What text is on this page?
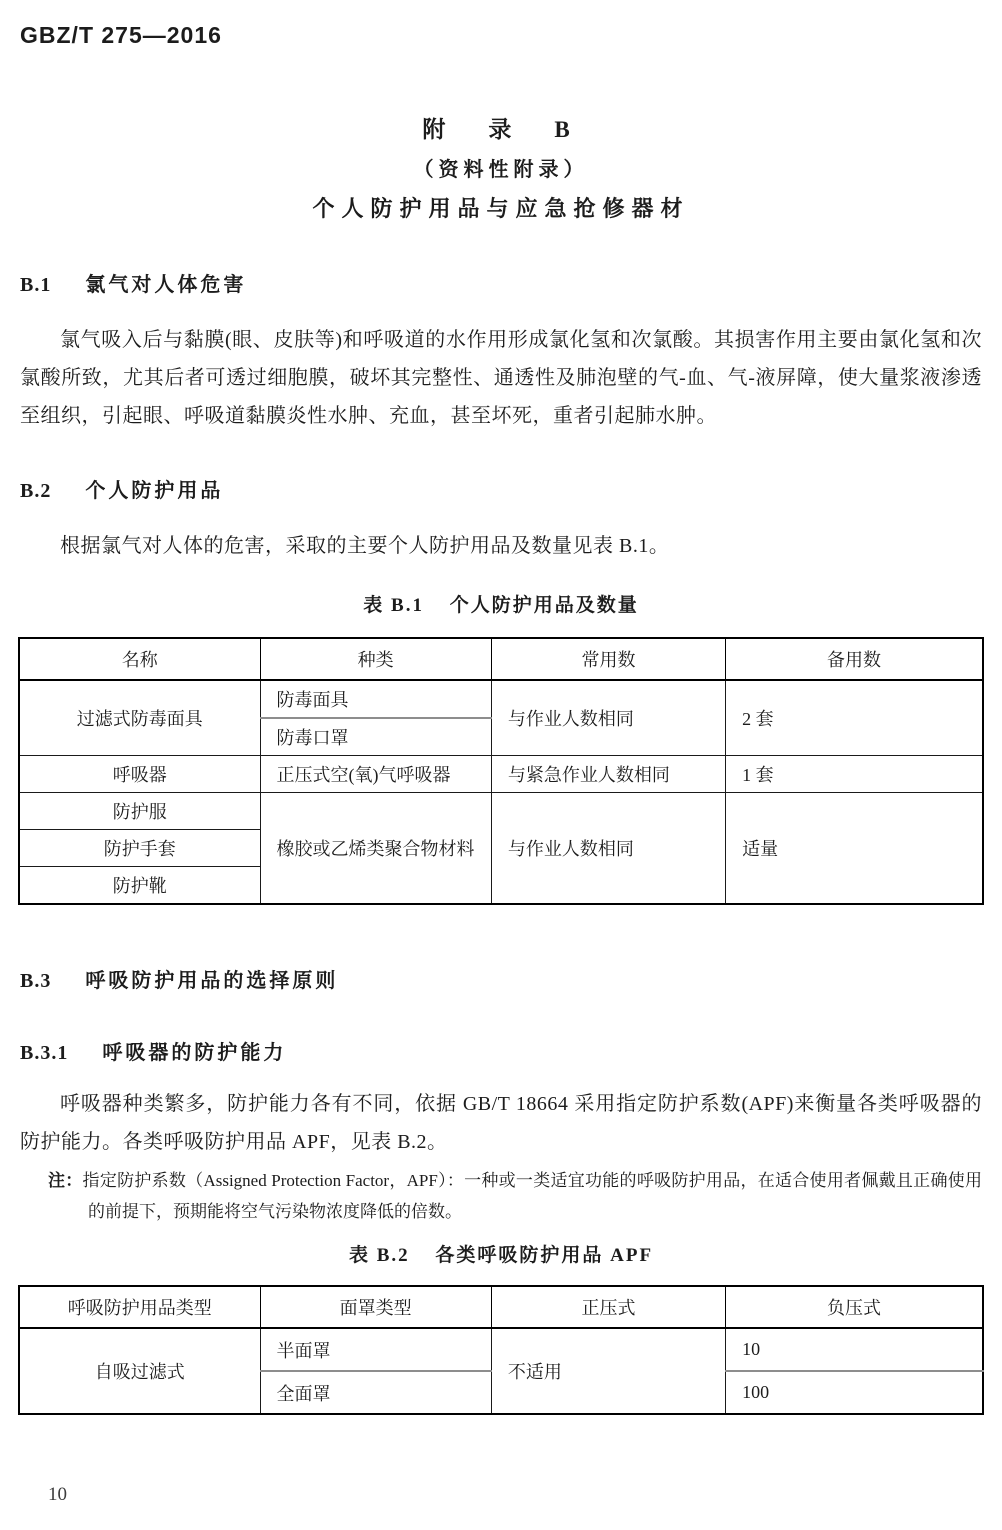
GBZ/T 275—2016
附　录　B
（资料性附录）
个人防护用品与应急抢修器材
B.1 氯气对人体危害

氯气吸入后与黏膜(眼、皮肤等)和呼吸道的水作用形成氯化氢和次氯酸。其损害作用主要由氯化氢和次氯酸所致，尤其后者可透过细胞膜，破坏其完整性、通透性及肺泡壁的气-血、气-液屏障，使大量浆液渗透至组织，引起眼、呼吸道黏膜炎性水肿、充血，甚至坏死，重者引起肺水肿。

B.2 个人防护用品

根据氯气对人体的危害，采取的主要个人防护用品及数量见表 B.1。

表 B.1 个人防护用品及数量
名称	种类	常用数	备用数
过滤式防毒面具	防毒面具	与作业人数相同	2 套
	防毒口罩		
呼吸器	正压式空(氧)气呼吸器	与紧急作业人数相同	1 套
防护服	橡胶或乙烯类聚合物材料	与作业人数相同	适量
防护手套			
防护靴			
B.3 呼吸防护用品的选择原则
B.3.1 呼吸器的防护能力

呼吸器种类繁多，防护能力各有不同，依据 GB/T 18664 采用指定防护系数(APF)来衡量各类呼吸器的防护能力。各类呼吸防护用品 APF，见表 B.2。

注：指定防护系数（Assigned Protection Factor，APF）：一种或一类适宜功能的呼吸防护用品，在适合使用者佩戴且正确使用的前提下，预期能将空气污染物浓度降低的倍数。

表 B.2 各类呼吸防护用品 APF
呼吸防护用品类型	面罩类型	正压式	负压式
自吸过滤式	半面罩	不适用	10
	全面罩		100
10
